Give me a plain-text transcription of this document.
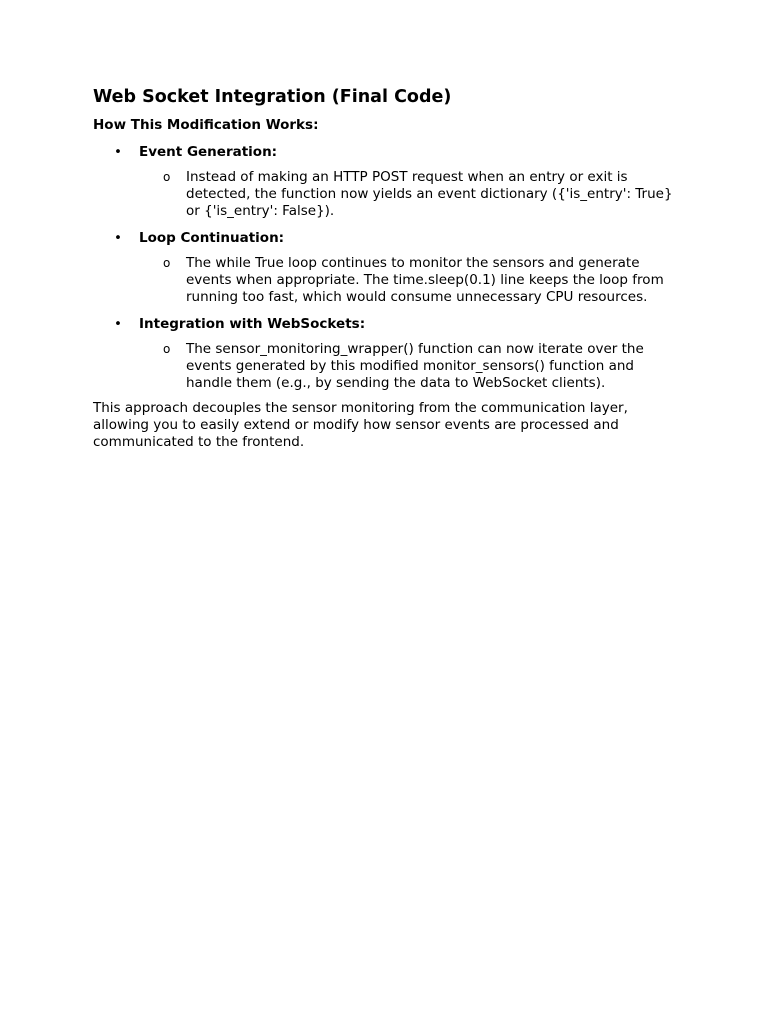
Web Socket Integration (Final Code)

How This Modification Works:

• Event Generation:
o Instead of making an HTTP POST request when an entry or exit is detected, the function now yields an event dictionary ({'is_entry': True} or {'is_entry': False}).
• Loop Continuation:
o The while True loop continues to monitor the sensors and generate events when appropriate. The time.sleep(0.1) line keeps the loop from running too fast, which would consume unnecessary CPU resources.
• Integration with WebSockets:
o The sensor_monitoring_wrapper() function can now iterate over the events generated by this modified monitor_sensors() function and handle them (e.g., by sending the data to WebSocket clients).

This approach decouples the sensor monitoring from the communication layer, allowing you to easily extend or modify how sensor events are processed and communicated to the frontend.
